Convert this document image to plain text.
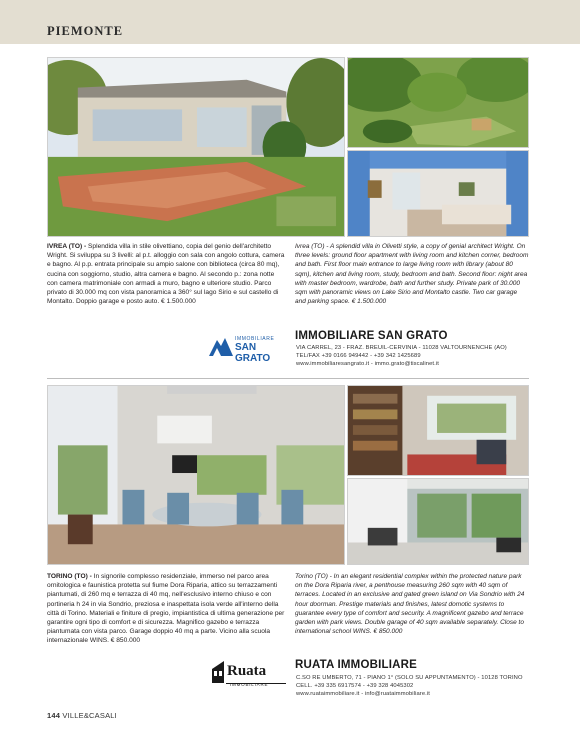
PIEMONTE
IVREA (TO) - Splendida villa in stile olivettiano, copia del genio dell'architetto Wright. Si sviluppa su 3 livelli: al p.t. alloggio con sala con angolo cottura, camera e bagno. Al p.p. entrata principale su ampio salone con biblioteca (circa 80 mq), cucina con soggiorno, studio, altra camera e bagno. Al secondo p.: zona notte con camera matrimoniale con armadi a muro, bagno e ulteriore studio. Parco privato di 30.000 mq con vista panoramica a 360° sul lago Sirio e sul castello di Montalto. Doppio garage e posto auto. € 1.500.000
Ivrea (TO) - A splendid villa in Olivetti style, a copy of genial architect Wright. On three levels: ground floor apartment with living room and kitchen corner, bedroom and bath. First floor main entrance to large living room with library (about 80 sqm), kitchen and living room, study, bedroom and bath. Second floor: night area with master bedroom, wardrobe, bath and further study. Private park of 30.000 sqm with panoramic views on Lake Sirio and Montalto castle. Two car garage and parking space. € 1.500.000
IMMOBILIARE
SAN GRATO
IMMOBILIARE SAN GRATO
VIA CARREL, 23 - FRAZ. BREUIL-CERVINIA - 11028 VALTOURNENCHE (AO)
TEL/FAX +39 0166 949442 - +39 342 1425689
www.immobiliaresangrato.it - immo.grato@tiscalinet.it
TORINO (TO) - In signorile complesso residenziale, immerso nel parco area ornitologica e faunistica protetta sul fiume Dora Riparia, attico su terrazzamenti piantumati, di 260 mq e terrazza di 40 mq, nell'esclusivo interno chiuso e con portineria h 24 in via Sondrio, preziosa e inaspettata isola verde all'interno della città di Torino. Materiali e finiture di pregio, impiantistica di ultima generazione per garantire ogni tipo di comfort e di sicurezza. Magnifico gazebo e terrazza piantumata con vista parco. Garage doppio 40 mq a parte. Vicino alla scuola internazionale WINS. € 850.000
Torino (TO) - In an elegant residential complex within the protected nature park on the Dora Riparia river, a penthouse measuring 260 sqm with 40 sqm of terraces. Located in an exclusive and gated green island on Via Sondrio with 24 hour doorman. Prestige materials and finishes, latest domotic systems to guarantee every type of comfort and security. A magnificent gazebo and terrace garden with park views. Double garage of 40 sqm available separately. Close to international school WINS. € 850.000
Ruata
IMMOBILIARE
RUATA IMMOBILIARE
C.SO RE UMBERTO, 71 - PIANO 1° (SOLO SU APPUNTAMENTO) - 10128 TORINO
CELL. +39 335 6917574 - +39 328 4045302
www.ruataimmobiliare.it - info@ruataimmobiliare.it
144 VILLE&CASALI
